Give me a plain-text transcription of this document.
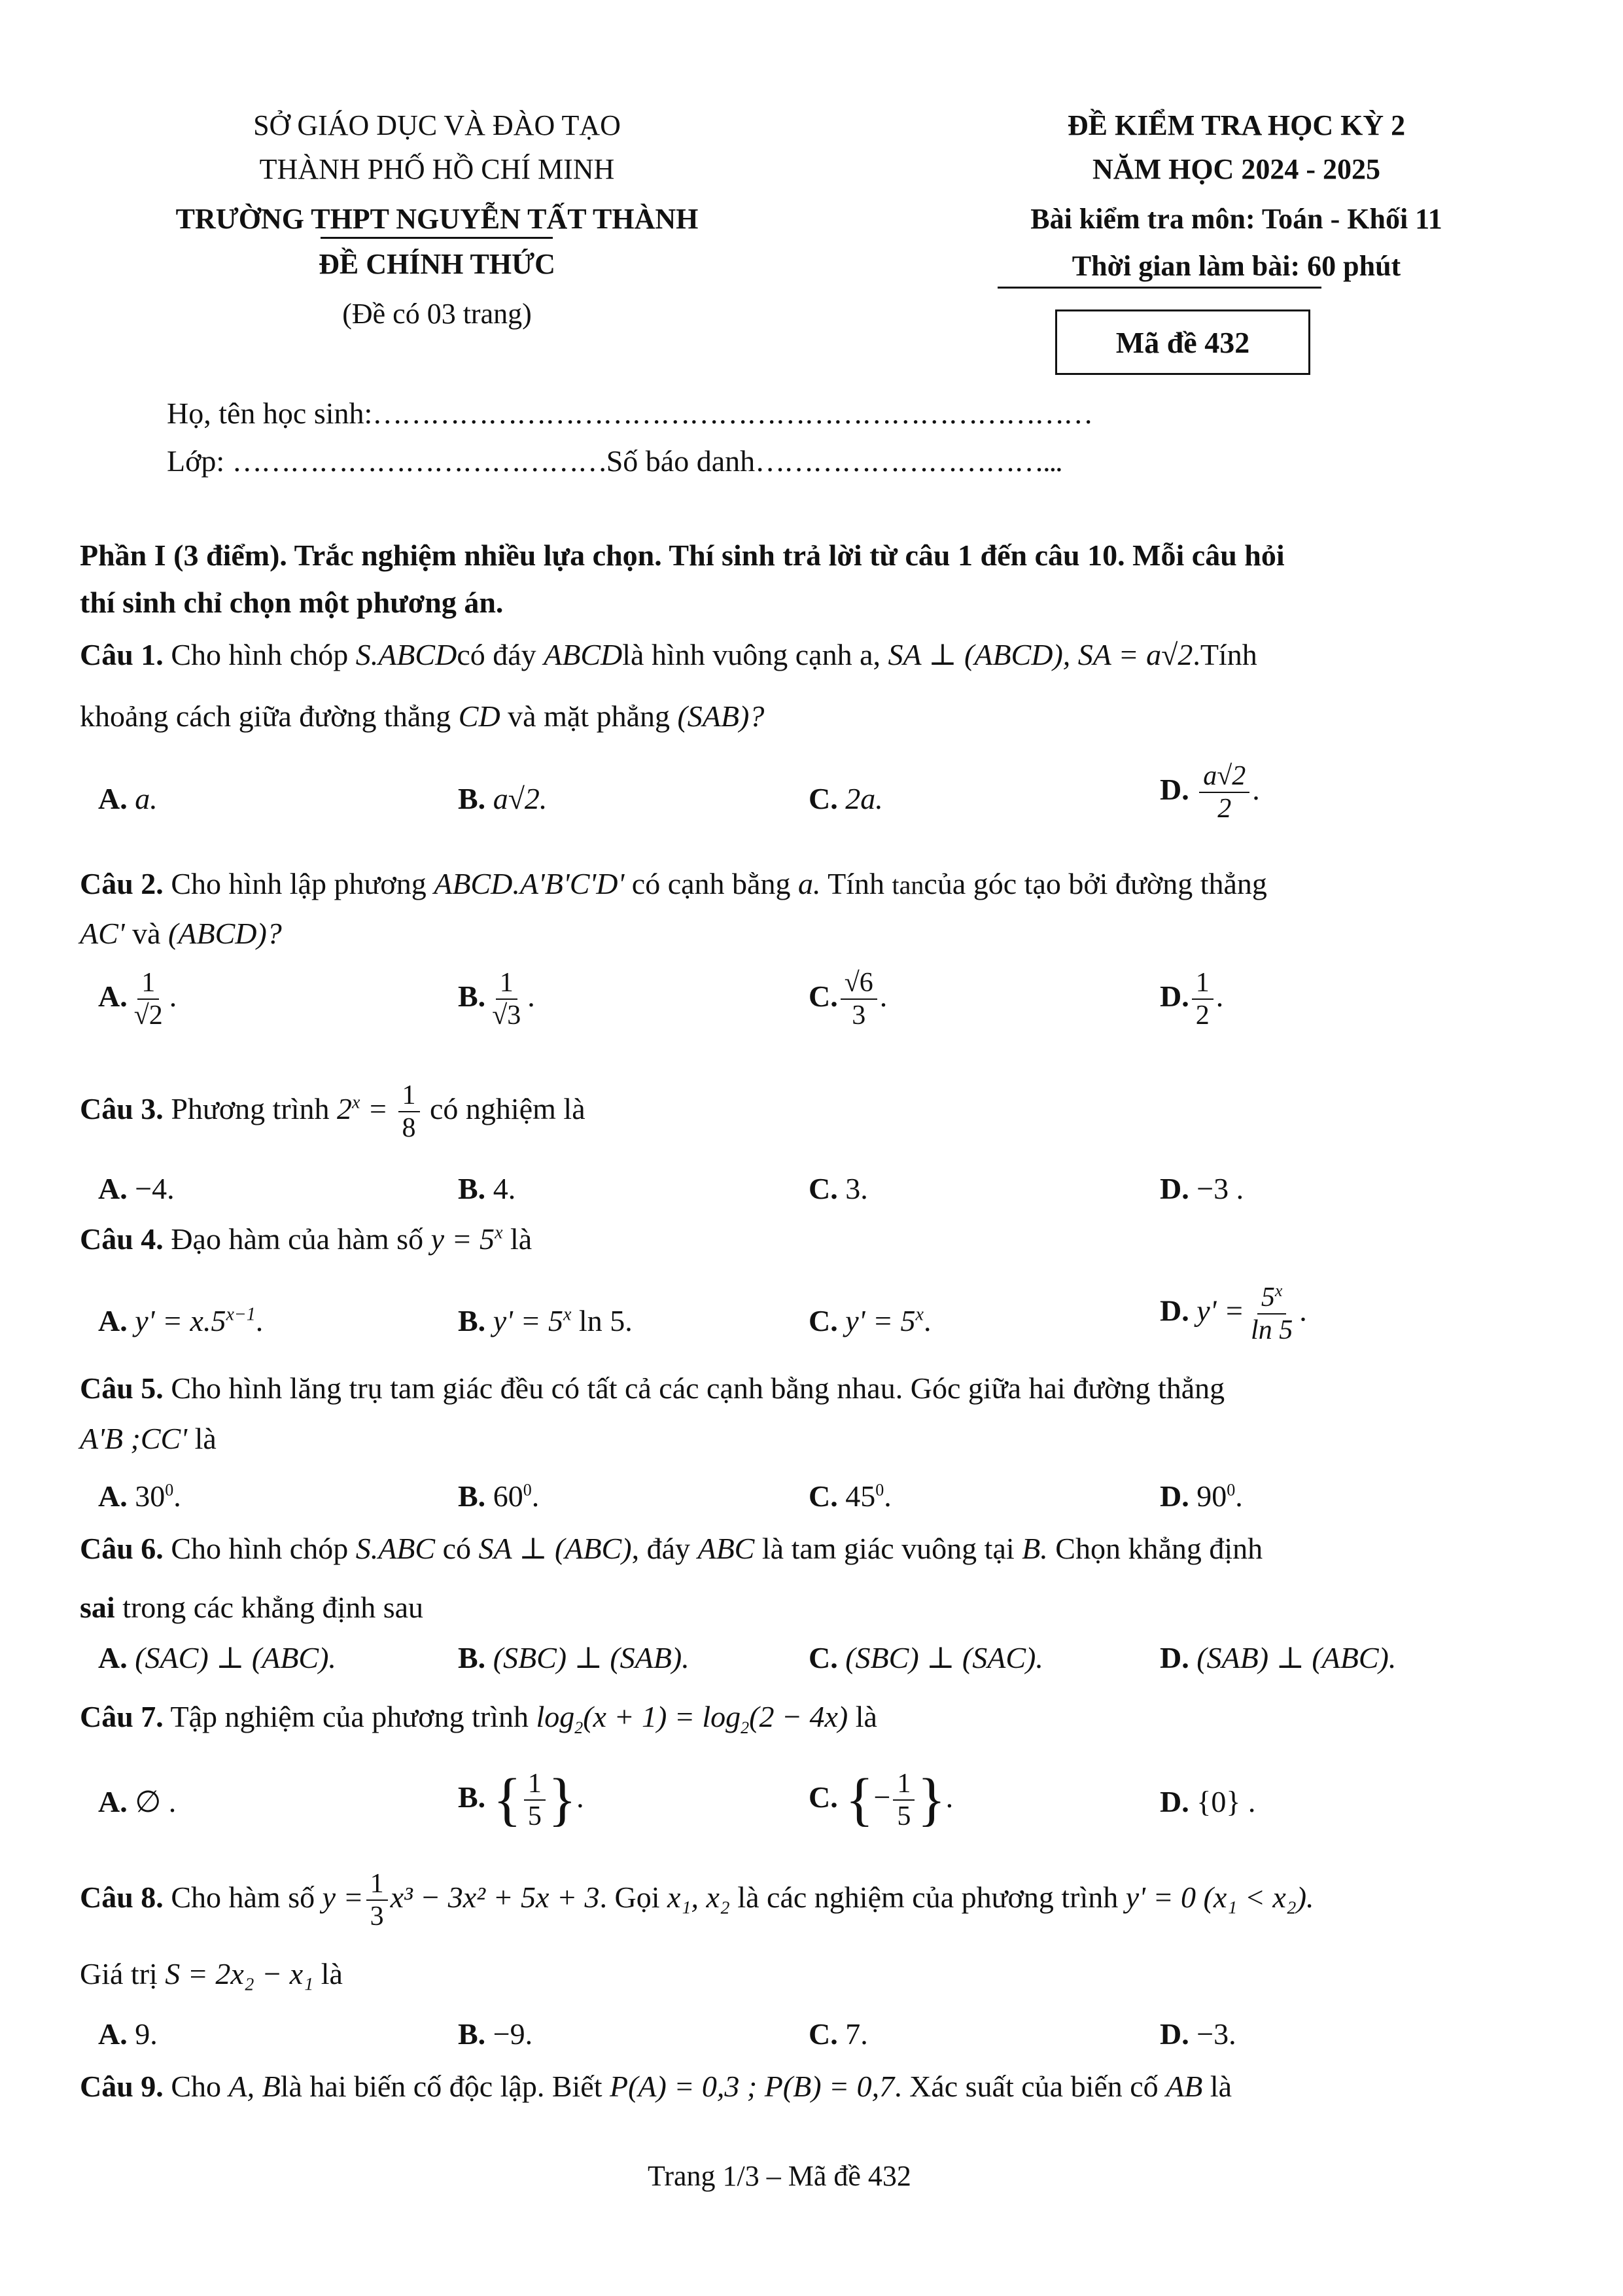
SỞ GIÁO DỤC VÀ ĐÀO TẠO
THÀNH PHỐ HỒ CHÍ MINH
TRƯỜNG THPT NGUYỄN TẤT THÀNH
ĐỀ CHÍNH THỨC
(Đề có 03 trang)
ĐỀ KIỂM TRA HỌC KỲ 2
NĂM HỌC 2024 - 2025
Bài kiểm tra môn: Toán - Khối 11
Thời gian làm bài: 60 phút
Mã đề 432
Họ, tên học sinh:…………………………………………………………………
Lớp: …………………………………Số báo danh…………………………...
Phần I (3 điểm). Trắc nghiệm nhiều lựa chọn. Thí sinh trả lời từ câu 1 đến câu 10. Mỗi câu hỏi
thí sinh chỉ chọn một phương án.
Câu 1. Cho hình chóp S.ABCDcó đáy ABCDlà hình vuông cạnh a, SA ⊥ (ABCD), SA = a√2.Tính
khoảng cách giữa đường thẳng CD và mặt phẳng (SAB)?
A. a.	B. a√2.	C. 2a.	D. $\frac{a√2}{2}$ .
Câu 2. Cho hình lập phương ABCD.A'B'C'D' có cạnh bằng a. Tính tancủa góc tạo bởi đường thẳng
AC' và (ABCD)?
A. $\frac{1}{√2}$ .	B. $\frac{1}{√3}$ .	C. $\frac{√6}{3}$ .	D. $\frac{1}{2}$ .
Câu 3. Phương trình $2^x = \frac{1}{8}$ có nghiệm là
A. −4.	B. 4.	C. 3.	D. −3 .
Câu 4. Đạo hàm của hàm số $y = 5^x$ là
A. $y' = x.5^{x-1}$.	B. $y' = 5^x$ ln 5.	C. $y' = 5^x$.	D. $y' = \frac{5^x}{\ln 5}$ .
Câu 5. Cho hình lăng trụ tam giác đều có tất cả các cạnh bằng nhau. Góc giữa hai đường thẳng
A'B ;CC' là
A. $30^0$.	B. $60^0$.	C. $45^0$.	D. $90^0$.
Câu 6. Cho hình chóp S.ABC có SA ⊥ (ABC), đáy ABC là tam giác vuông tại B. Chọn khẳng định
sai trong các khẳng định sau
A. (SAC) ⊥ (ABC).	B. (SBC) ⊥ (SAB).	C. (SBC) ⊥ (SAC).	D. (SAB) ⊥ (ABC).
Câu 7. Tập nghiệm của phương trình $\log_2(x + 1) = \log_2(2 - 4x)$ là
A. ∅ .	B. { $\frac{1}{5}$ }.	C. {− $\frac{1}{5}$ }.	D. {0} .
Câu 8. Cho hàm số $y = \frac{1}{3} x^3 - 3x^2 + 5x + 3$. Gọi x₁, x₂ là các nghiệm của phương trình y' = 0 (x₁ < x₂).
Giá trị S = 2x₂ − x₁ là
A. 9.	B. −9.	C. 7.	D. −3.
Câu 9. Cho A, Blà hai biến cố độc lập. Biết P(A) = 0,3 ; P(B) = 0,7. Xác suất của biến cố AB là
Trang 1/3 – Mã đề 432
